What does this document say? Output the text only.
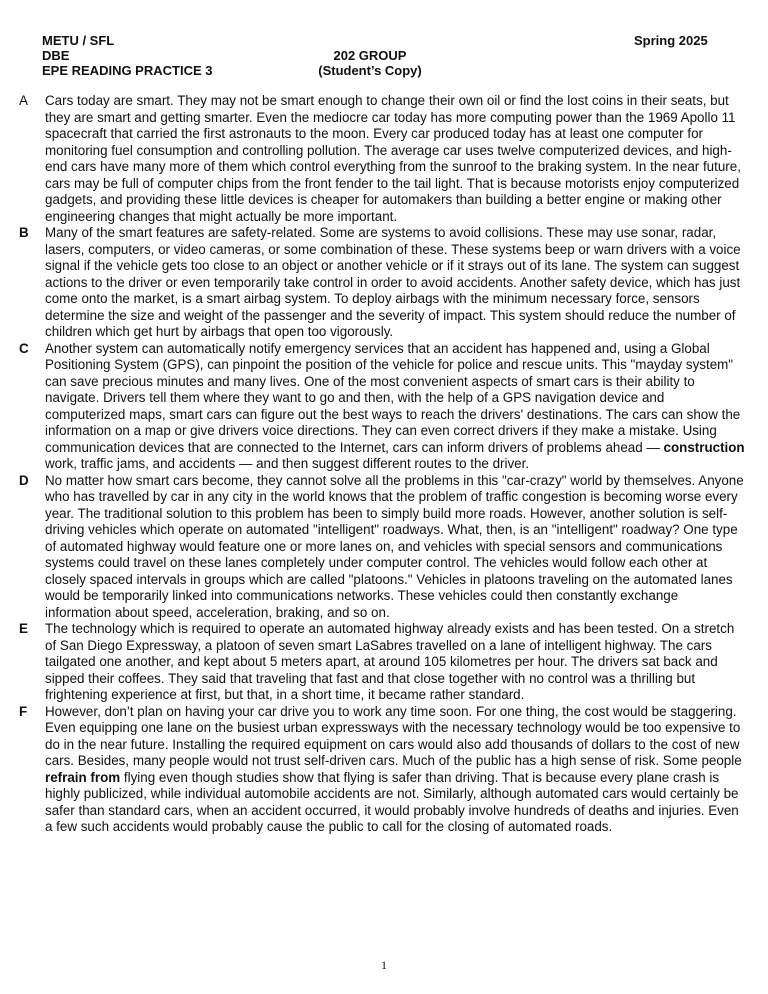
METU / SFL
DBE
EPE READING PRACTICE 3
202 GROUP
(Student’s Copy)
Spring 2025
A Cars today are smart. They may not be smart enough to change their own oil or find the lost coins in their seats, but they are smart and getting smarter. Even the mediocre car today has more computing power than the 1969 Apollo 11 spacecraft that carried the first astronauts to the moon. Every car produced today has at least one computer for monitoring fuel consumption and controlling pollution. The average car uses twelve computerized devices, and high-end cars have many more of them which control everything from the sunroof to the braking system. In the near future, cars may be full of computer chips from the front fender to the tail light. That is because motorists enjoy computerized gadgets, and providing these little devices is cheaper for automakers than building a better engine or making other engineering changes that might actually be more important.
B Many of the smart features are safety-related. Some are systems to avoid collisions. These may use sonar, radar, lasers, computers, or video cameras, or some combination of these. These systems beep or warn drivers with a voice signal if the vehicle gets too close to an object or another vehicle or if it strays out of its lane. The system can suggest actions to the driver or even temporarily take control in order to avoid accidents. Another safety device, which has just come onto the market, is a smart airbag system. To deploy airbags with the minimum necessary force, sensors determine the size and weight of the passenger and the severity of impact. This system should reduce the number of children which get hurt by airbags that open too vigorously.
C Another system can automatically notify emergency services that an accident has happened and, using a Global Positioning System (GPS), can pinpoint the position of the vehicle for police and rescue units. This "mayday system" can save precious minutes and many lives. One of the most convenient aspects of smart cars is their ability to navigate. Drivers tell them where they want to go and then, with the help of a GPS navigation device and computerized maps, smart cars can figure out the best ways to reach the drivers' destinations. The cars can show the information on a map or give drivers voice directions. They can even correct drivers if they make a mistake. Using communication devices that are connected to the Internet, cars can inform drivers of problems ahead — construction work, traffic jams, and accidents — and then suggest different routes to the driver.
D No matter how smart cars become, they cannot solve all the problems in this "car-crazy" world by themselves. Anyone who has travelled by car in any city in the world knows that the problem of traffic congestion is becoming worse every year. The traditional solution to this problem has been to simply build more roads. However, another solution is self-driving vehicles which operate on automated "intelligent" roadways. What, then, is an "intelligent" roadway? One type of automated highway would feature one or more lanes on, and vehicles with special sensors and communications systems could travel on these lanes completely under computer control. The vehicles would follow each other at closely spaced intervals in groups which are called "platoons." Vehicles in platoons traveling on the automated lanes would be temporarily linked into communications networks. These vehicles could then constantly exchange information about speed, acceleration, braking, and so on.
E The technology which is required to operate an automated highway already exists and has been tested. On a stretch of San Diego Expressway, a platoon of seven smart LaSabres travelled on a lane of intelligent highway. The cars tailgated one another, and kept about 5 meters apart, at around 105 kilometres per hour. The drivers sat back and sipped their coffees. They said that traveling that fast and that close together with no control was a thrilling but frightening experience at first, but that, in a short time, it became rather standard.
F However, don’t plan on having your car drive you to work any time soon. For one thing, the cost would be staggering. Even equipping one lane on the busiest urban expressways with the necessary technology would be too expensive to do in the near future. Installing the required equipment on cars would also add thousands of dollars to the cost of new cars. Besides, many people would not trust self-driven cars. Much of the public has a high sense of risk. Some people refrain from flying even though studies show that flying is safer than driving. That is because every plane crash is highly publicized, while individual automobile accidents are not. Similarly, although automated cars would certainly be safer than standard cars, when an accident occurred, it would probably involve hundreds of deaths and injuries. Even a few such accidents would probably cause the public to call for the closing of automated roads.
1
